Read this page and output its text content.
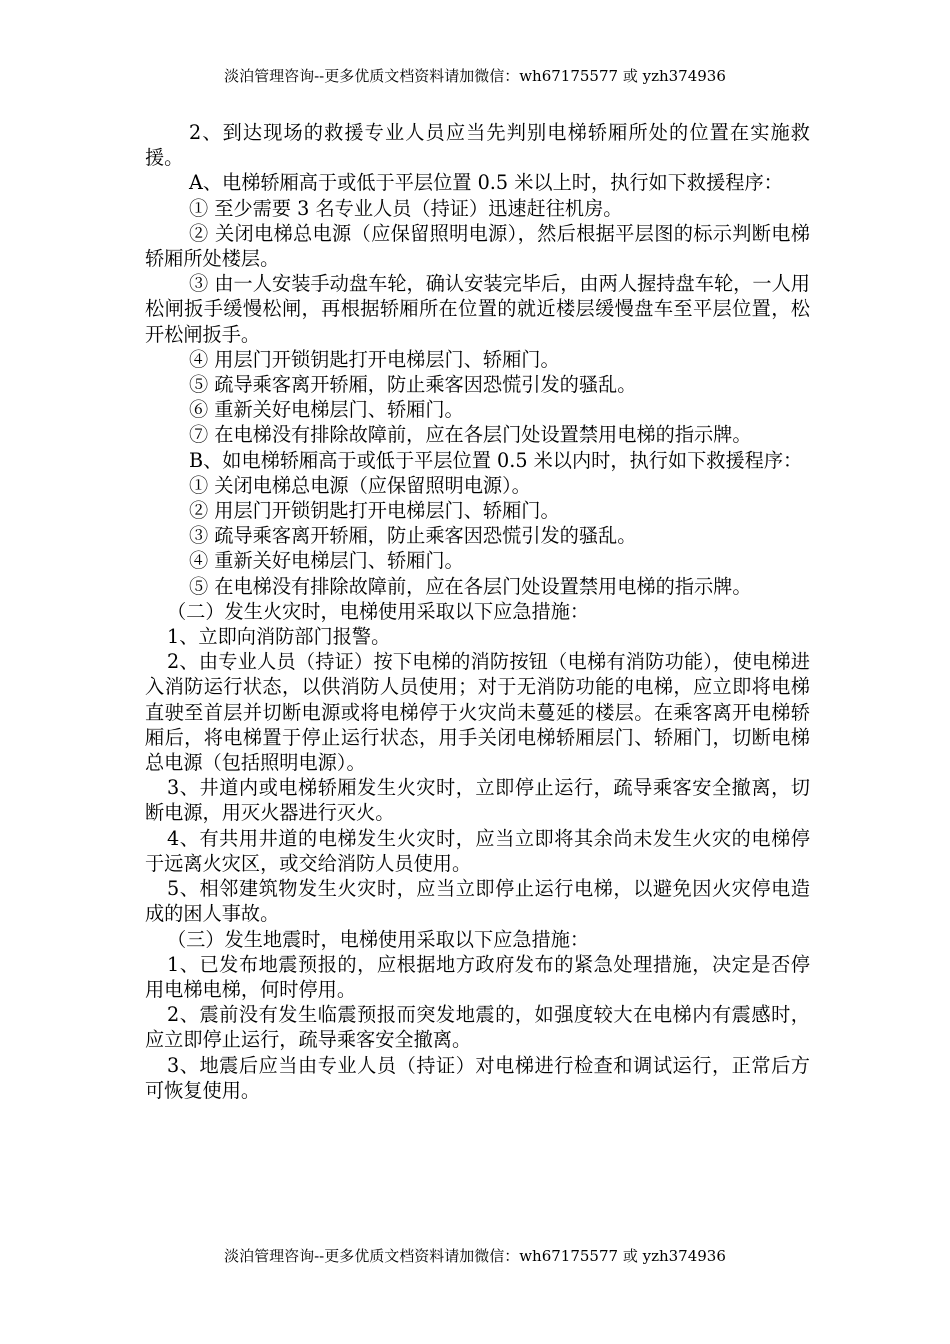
淡泊管理咨询--更多优质文档资料请加微信：wh67175577 或 yzh374936

2、到达现场的救援专业人员应当先判别电梯轿厢所处的位置在实施救援。

A、电梯轿厢高于或低于平层位置 0.5 米以上时，执行如下救援程序：

① 至少需要 3 名专业人员（持证）迅速赶往机房。

② 关闭电梯总电源（应保留照明电源），然后根据平层图的标示判断电梯轿厢所处楼层。

③ 由一人安装手动盘车轮，确认安装完毕后，由两人握持盘车轮，一人用松闸扳手缓慢松闸，再根据轿厢所在位置的就近楼层缓慢盘车至平层位置，松开松闸扳手。

④ 用层门开锁钥匙打开电梯层门、轿厢门。

⑤ 疏导乘客离开轿厢，防止乘客因恐慌引发的骚乱。

⑥ 重新关好电梯层门、轿厢门。

⑦ 在电梯没有排除故障前，应在各层门处设置禁用电梯的指示牌。

B、如电梯轿厢高于或低于平层位置 0.5 米以内时，执行如下救援程序：

① 关闭电梯总电源（应保留照明电源）。

② 用层门开锁钥匙打开电梯层门、轿厢门。

③ 疏导乘客离开轿厢，防止乘客因恐慌引发的骚乱。

④ 重新关好电梯层门、轿厢门。

⑤ 在电梯没有排除故障前，应在各层门处设置禁用电梯的指示牌。

（二）发生火灾时，电梯使用采取以下应急措施：

1、立即向消防部门报警。

2、由专业人员（持证）按下电梯的消防按钮（电梯有消防功能），使电梯进入消防运行状态，以供消防人员使用；对于无消防功能的电梯，应立即将电梯直驶至首层并切断电源或将电梯停于火灾尚未蔓延的楼层。在乘客离开电梯轿厢后，将电梯置于停止运行状态，用手关闭电梯轿厢层门、轿厢门，切断电梯总电源（包括照明电源）。

3、井道内或电梯轿厢发生火灾时，立即停止运行，疏导乘客安全撤离，切断电源，用灭火器进行灭火。

4、有共用井道的电梯发生火灾时，应当立即将其余尚未发生火灾的电梯停于远离火灾区，或交给消防人员使用。

5、相邻建筑物发生火灾时，应当立即停止运行电梯，以避免因火灾停电造成的困人事故。

（三）发生地震时，电梯使用采取以下应急措施：

1、已发布地震预报的，应根据地方政府发布的紧急处理措施，决定是否停用电梯电梯，何时停用。

2、震前没有发生临震预报而突发地震的，如强度较大在电梯内有震感时，应立即停止运行，疏导乘客安全撤离。

3、地震后应当由专业人员（持证）对电梯进行检查和调试运行，正常后方可恢复使用。

淡泊管理咨询--更多优质文档资料请加微信：wh67175577 或 yzh374936
